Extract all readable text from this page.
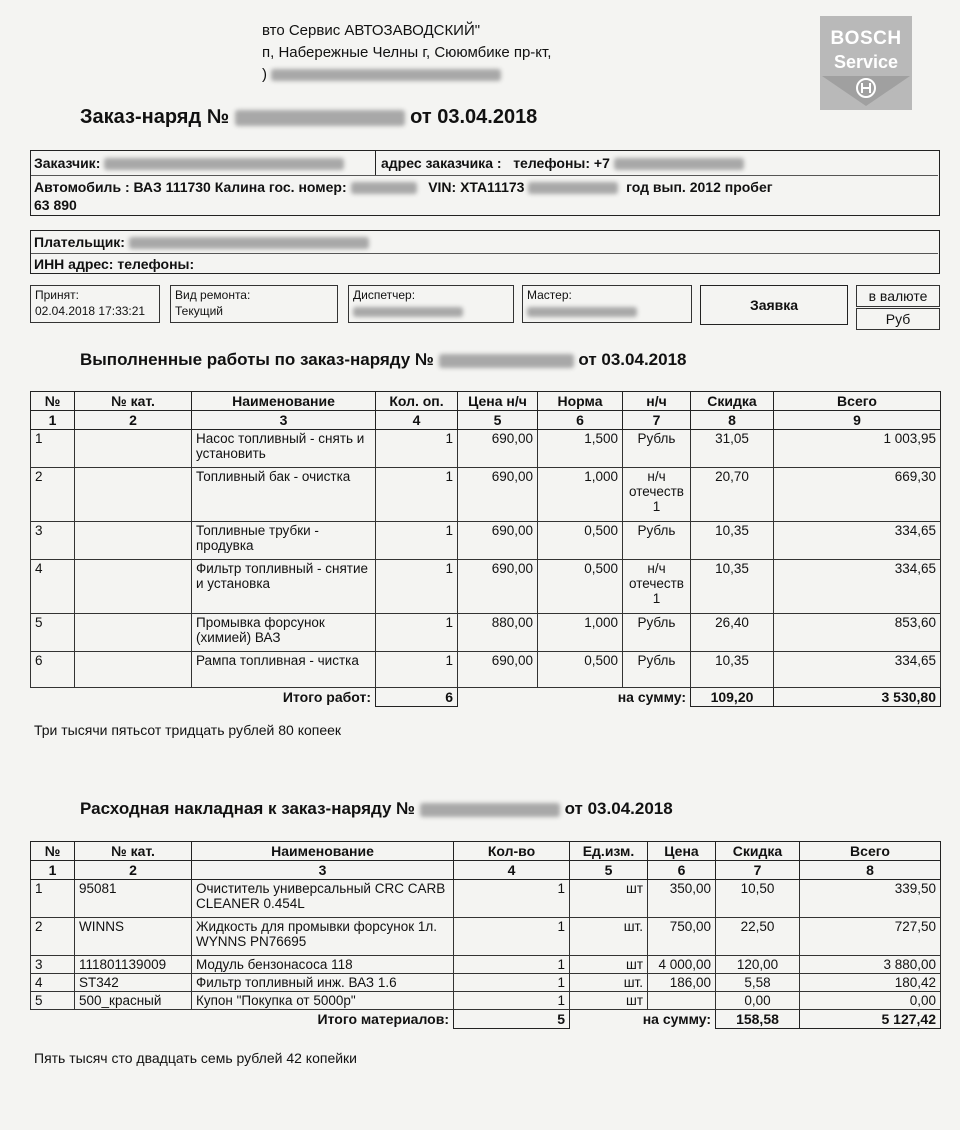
вто Сервис АВТОЗАВОДСКИЙ"
п, Набережные Челны г, Сююмбике пр-кт,
)
BOSCH
Service
Заказ-наряд №	от 03.04.2018
Заказчик:	адрес заказчика : телефоны: +7
Автомобиль : ВАЗ 111730 Калина гос. номер:	VIN: XTA11173	год вып. 2012 пробег
63 890
Плательщик:
ИНН адрес: телефоны:
Принят:
02.04.2018 17:33:21
Вид ремонта:
Текущий
Диспетчер:	Мастер:
Заявка
в валюте
Руб
Выполненные работы по заказ-наряду №	от 03.04.2018
№	№ кат.	Наименование	Кол. оп.	Цена н/ч	Норма	н/ч	Скидка	Всего
1	2	3	4	5	6	7	8	9
1		Насос топливный - снять и установить	1	690,00	1,500	Рубль	31,05	1 003,95
2		Топливный бак - очистка	1	690,00	1,000	н/ч отечеств 1	20,70	669,30
3		Топливные трубки - продувка	1	690,00	0,500	Рубль	10,35	334,65
4		Фильтр топливный - снятие и установка	1	690,00	0,500	н/ч отечеств 1	10,35	334,65
5		Промывка форсунок (химией) ВАЗ	1	880,00	1,000	Рубль	26,40	853,60
6		Рампа топливная - чистка	1	690,00	0,500	Рубль	10,35	334,65
Итого работ:			6	на сумму:			109,20	3 530,80
Три тысячи пятьсот тридцать рублей 80 копеек
Расходная накладная к заказ-наряду №	от 03.04.2018
№	№ кат.	Наименование	Кол-во	Ед.изм.	Цена	Скидка	Всего
1	2	3	4	5	6	7	8
1	95081	Очиститель универсальный CRC CARB CLEANER 0.454L	1	шт	350,00	10,50	339,50
2	WINNS	Жидкость для промывки форсунок 1л. WYNNS PN76695	1	шт.	750,00	22,50	727,50
3	111801139009	Модуль бензонасоса 118	1	шт	4 000,00	120,00	3 880,00
4	ST342	Фильтр топливный инж. ВАЗ 1.6	1	шт.	186,00	5,58	180,42
5	500_красный	Купон "Покупка от 5000р"	1	шт		0,00	0,00
Итого материалов:			5	на сумму:		158,58	5 127,42
Пять тысяч сто двадцать семь рублей 42 копейки
